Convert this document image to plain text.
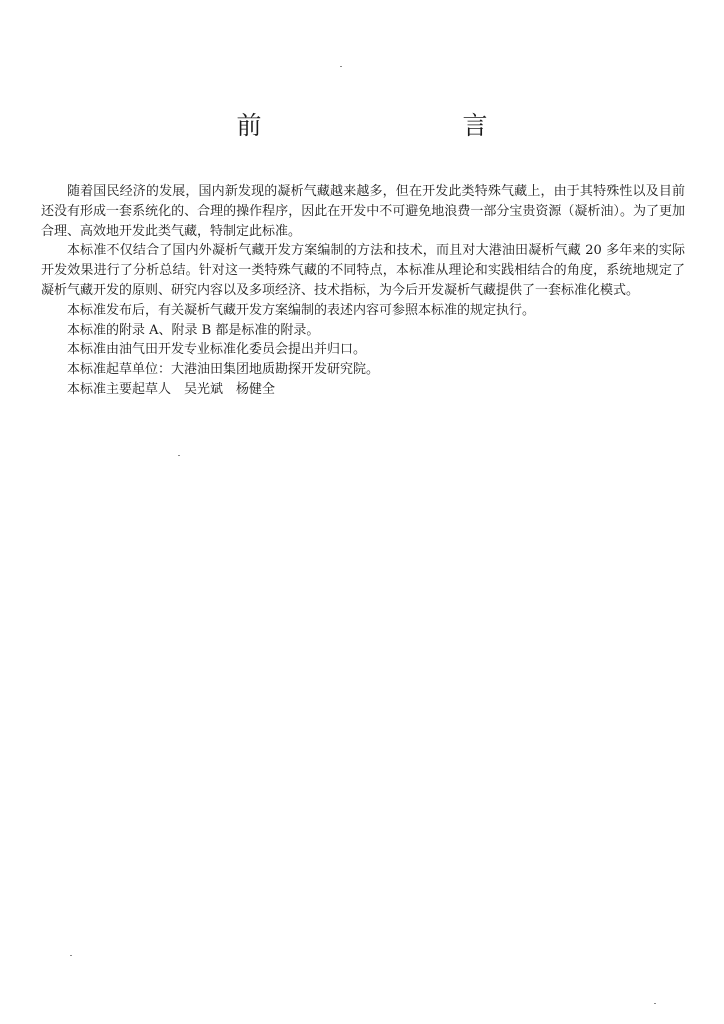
前　言

随着国民经济的发展，国内新发现的凝析气藏越来越多，但在开发此类特殊气藏上，由于其特殊性以及目前还没有形成一套系统化的、合理的操作程序，因此在开发中不可避免地浪费一部分宝贵资源（凝析油）。为了更加合理、高效地开发此类气藏，特制定此标准。

本标准不仅结合了国内外凝析气藏开发方案编制的方法和技术，而且对大港油田凝析气藏 20 多年来的实际开发效果进行了分析总结。针对这一类特殊气藏的不同特点，本标准从理论和实践相结合的角度，系统地规定了凝析气藏开发的原则、研究内容以及多项经济、技术指标，为今后开发凝析气藏提供了一套标准化模式。

本标准发布后，有关凝析气藏开发方案编制的表述内容可参照本标准的规定执行。

本标准的附录 A、附录 B 都是标准的附录。

本标准由油气田开发专业标准化委员会提出并归口。

本标准起草单位：大港油田集团地质勘探开发研究院。

本标准主要起草人　吴光斌　杨健全
